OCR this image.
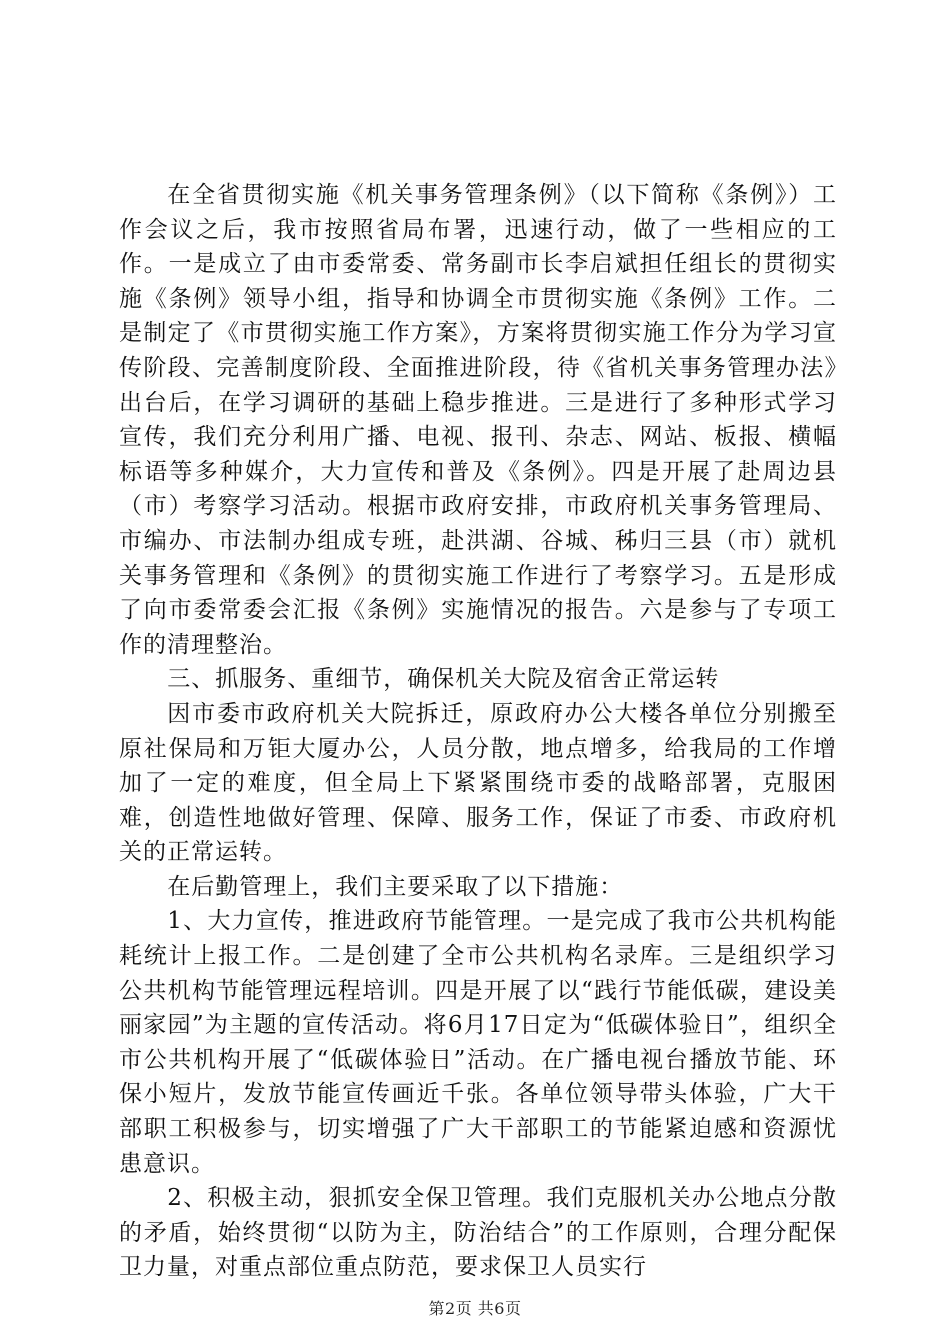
在全省贯彻实施《机关事务管理条例》（以下简称《条例》）工作会议之后，我市按照省局布署，迅速行动，做了一些相应的工作。一是成立了由市委常委、常务副市长李启斌担任组长的贯彻实施《条例》领导小组，指导和协调全市贯彻实施《条例》工作。二是制定了《市贯彻实施工作方案》，方案将贯彻实施工作分为学习宣传阶段、完善制度阶段、全面推进阶段，待《省机关事务管理办法》出台后，在学习调研的基础上稳步推进。三是进行了多种形式学习宣传，我们充分利用广播、电视、报刊、杂志、网站、板报、横幅标语等多种媒介，大力宣传和普及《条例》。四是开展了赴周边县（市）考察学习活动。根据市政府安排，市政府机关事务管理局、市编办、市法制办组成专班，赴洪湖、谷城、秭归三县（市）就机关事务管理和《条例》的贯彻实施工作进行了考察学习。五是形成了向市委常委会汇报《条例》实施情况的报告。六是参与了专项工作的清理整治。

三、抓服务、重细节，确保机关大院及宿舍正常运转

因市委市政府机关大院拆迁，原政府办公大楼各单位分别搬至原社保局和万钜大厦办公，人员分散，地点增多，给我局的工作增加了一定的难度，但全局上下紧紧围绕市委的战略部署，克服困难，创造性地做好管理、保障、服务工作，保证了市委、市政府机关的正常运转。

在后勤管理上，我们主要采取了以下措施：

1、大力宣传，推进政府节能管理。一是完成了我市公共机构能耗统计上报工作。二是创建了全市公共机构名录库。三是组织学习公共机构节能管理远程培训。四是开展了以“践行节能低碳，建设美丽家园”为主题的宣传活动。将6月17日定为“低碳体验日”，组织全市公共机构开展了“低碳体验日”活动。在广播电视台播放节能、环保小短片，发放节能宣传画近千张。各单位领导带头体验，广大干部职工积极参与，切实增强了广大干部职工的节能紧迫感和资源忧患意识。

2、积极主动，狠抓安全保卫管理。我们克服机关办公地点分散的矛盾，始终贯彻“以防为主，防治结合”的工作原则，合理分配保卫力量，对重点部位重点防范，要求保卫人员实行

第2页 共6页
